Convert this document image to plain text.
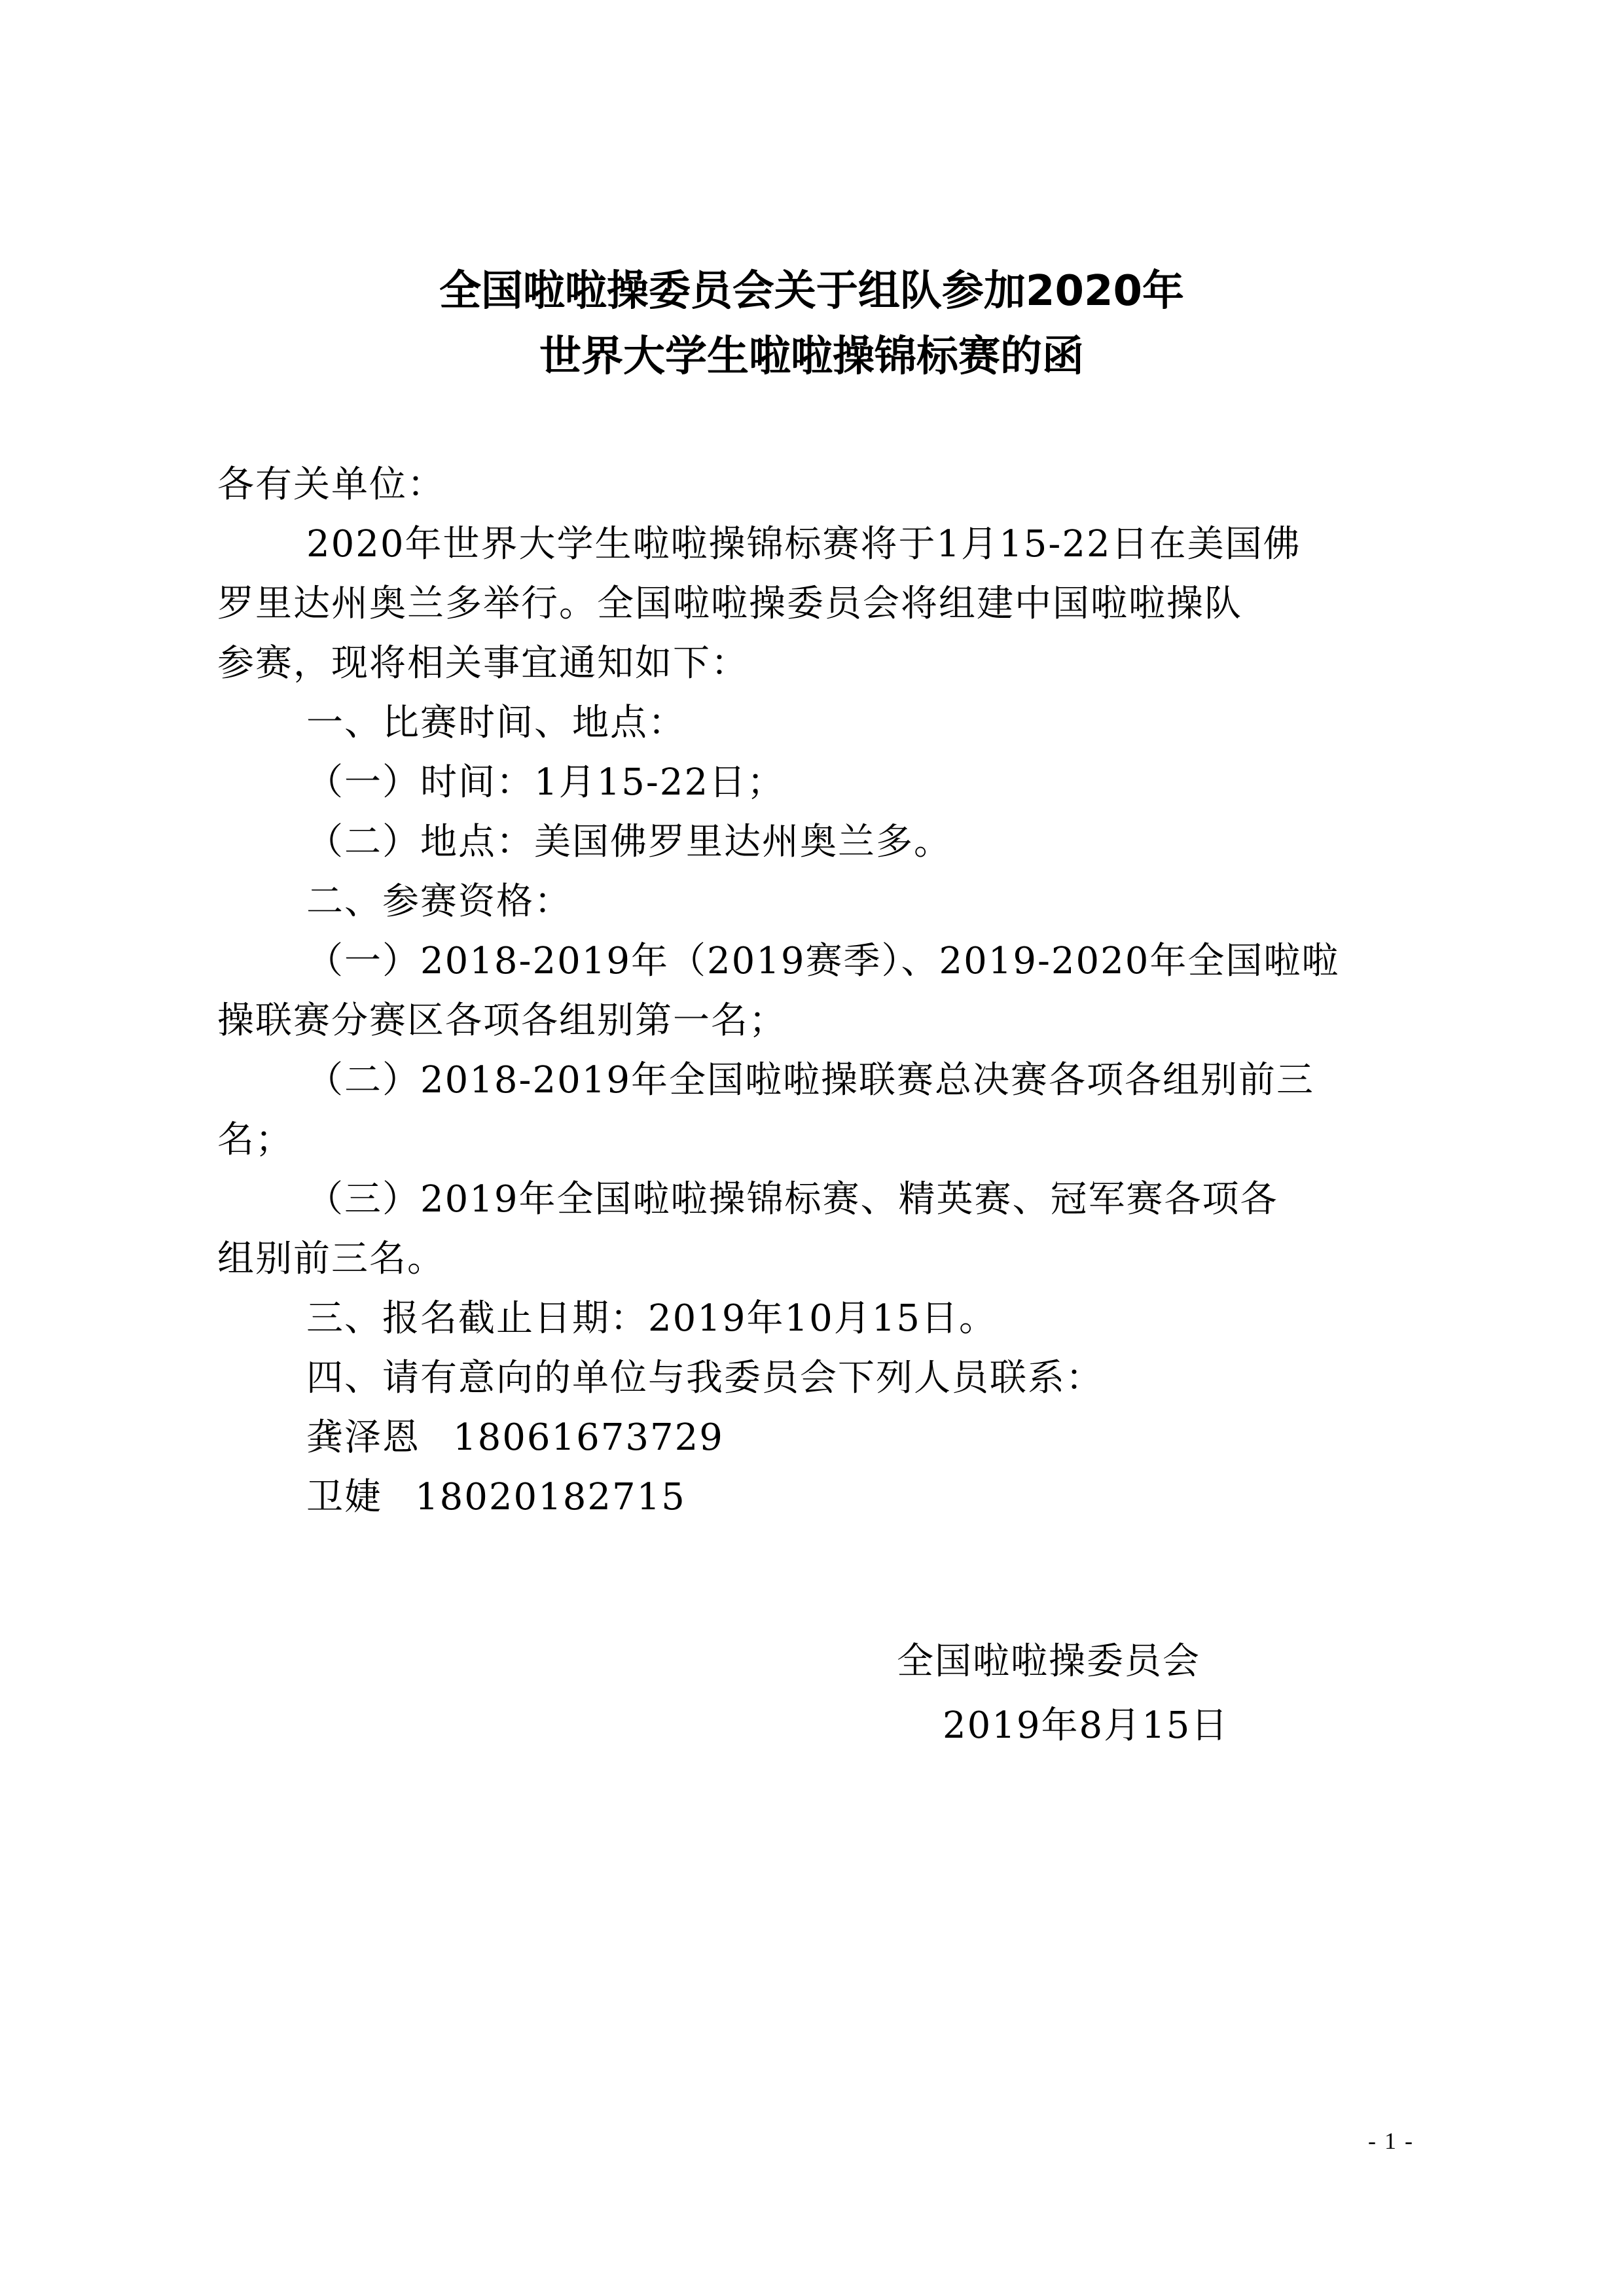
全国啦啦操委员会关于组队参加2020年
世界大学生啦啦操锦标赛的函
各有关单位：
2020年世界大学生啦啦操锦标赛将于1月15-22日在美国佛
罗里达州奥兰多举行。全国啦啦操委员会将组建中国啦啦操队
参赛，现将相关事宜通知如下：
一、比赛时间、地点：
（一）时间：1月15-22日；
（二）地点：美国佛罗里达州奥兰多。
二、参赛资格：
（一）2018-2019年（2019赛季）、2019-2020年全国啦啦
操联赛分赛区各项各组别第一名；
（二）2018-2019年全国啦啦操联赛总决赛各项各组别前三
名；
（三）2019年全国啦啦操锦标赛、精英赛、冠军赛各项各
组别前三名。
三、报名截止日期：2019年10月15日。
四、请有意向的单位与我委员会下列人员联系：
龚泽恩 18061673729
卫婕 18020182715
全国啦啦操委员会
2019年8月15日
- 1 -
